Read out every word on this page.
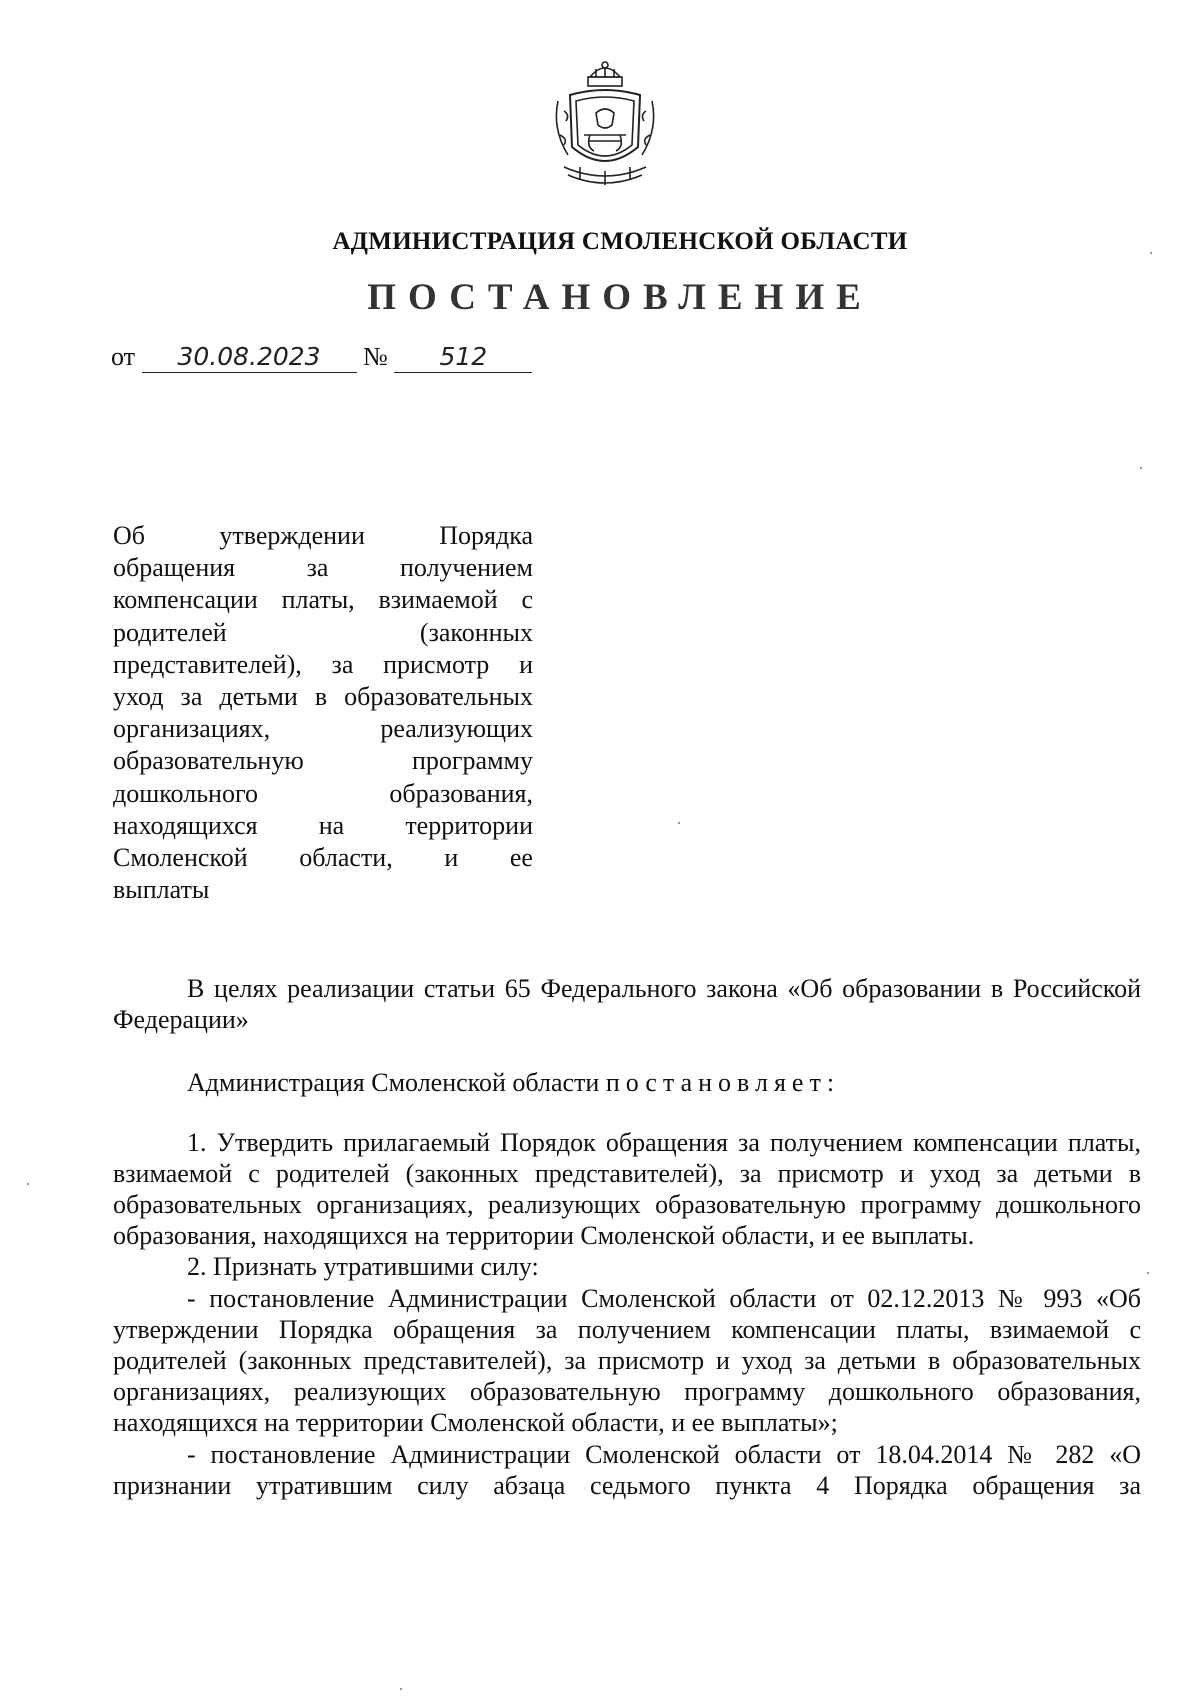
АДМИНИСТРАЦИЯ СМОЛЕНСКОЙ ОБЛАСТИ
ПОСТАНОВЛЕНИЕ
от 30.08.2023 № 512
Об	утверждении	Порядка
обращения	за	получением
компенсации платы, взимаемой с
родителей	(законных
представителей), за присмотр и
уход за детьми в образовательных
организациях,	реализующих
образовательную	программу
дошкольного	образования,
находящихся на территории
Смоленской области, и ее
выплаты

В целях реализации статьи 65 Федерального закона «Об образовании в Российской Федерации»

Администрация Смоленской области постановляет:

1. Утвердить прилагаемый Порядок обращения за получением компенсации платы, взимаемой с родителей (законных представителей), за присмотр и уход за детьми в образовательных организациях, реализующих образовательную программу дошкольного образования, находящихся на территории Смоленской области, и ее выплаты.

2. Признать утратившими силу:

- постановление Администрации Смоленской области от 02.12.2013 № 993 «Об утверждении Порядка обращения за получением компенсации платы, взимаемой с родителей (законных представителей), за присмотр и уход за детьми в образовательных организациях, реализующих образовательную программу дошкольного образования, находящихся на территории Смоленской области, и ее выплаты»;

- постановление Администрации Смоленской области от 18.04.2014 № 282 «О признании утратившим силу абзаца седьмого пункта 4 Порядка обращения за
